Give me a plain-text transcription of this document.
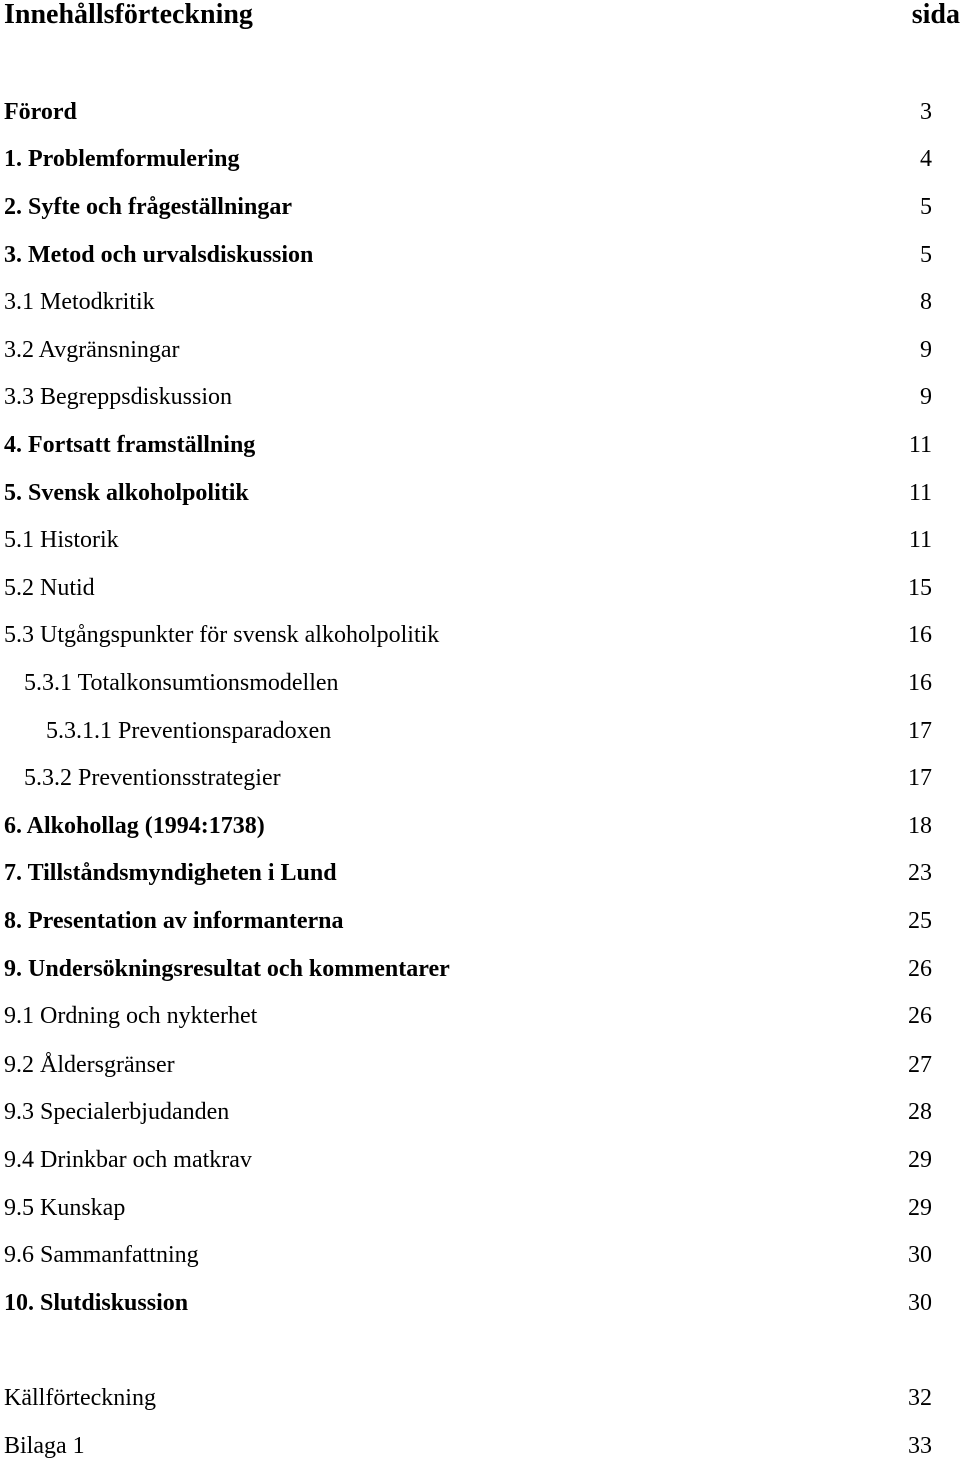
Innehållsförteckning	sida
Förord	3
1. Problemformulering	4
2. Syfte och frågeställningar	5
3. Metod och urvalsdiskussion	5
3.1 Metodkritik	8
3.2 Avgränsningar	9
3.3 Begreppsdiskussion	9
4. Fortsatt framställning	11
5. Svensk alkoholpolitik	11
5.1 Historik	11
5.2 Nutid	15
5.3 Utgångspunkter för svensk alkoholpolitik	16
5.3.1 Totalkonsumtionsmodellen	16
5.3.1.1 Preventionsparadoxen	17
5.3.2 Preventionsstrategier	17
6. Alkohollag (1994:1738)	18
7. Tillståndsmyndigheten i Lund	23
8. Presentation av informanterna	25
9. Undersökningsresultat och kommentarer	26
9.1 Ordning och nykterhet	26
9.2 Åldersgränser	27
9.3 Specialerbjudanden	28
9.4 Drinkbar och matkrav	29
9.5 Kunskap	29
9.6 Sammanfattning	30
10. Slutdiskussion	30
Källförteckning	32
Bilaga 1	33
